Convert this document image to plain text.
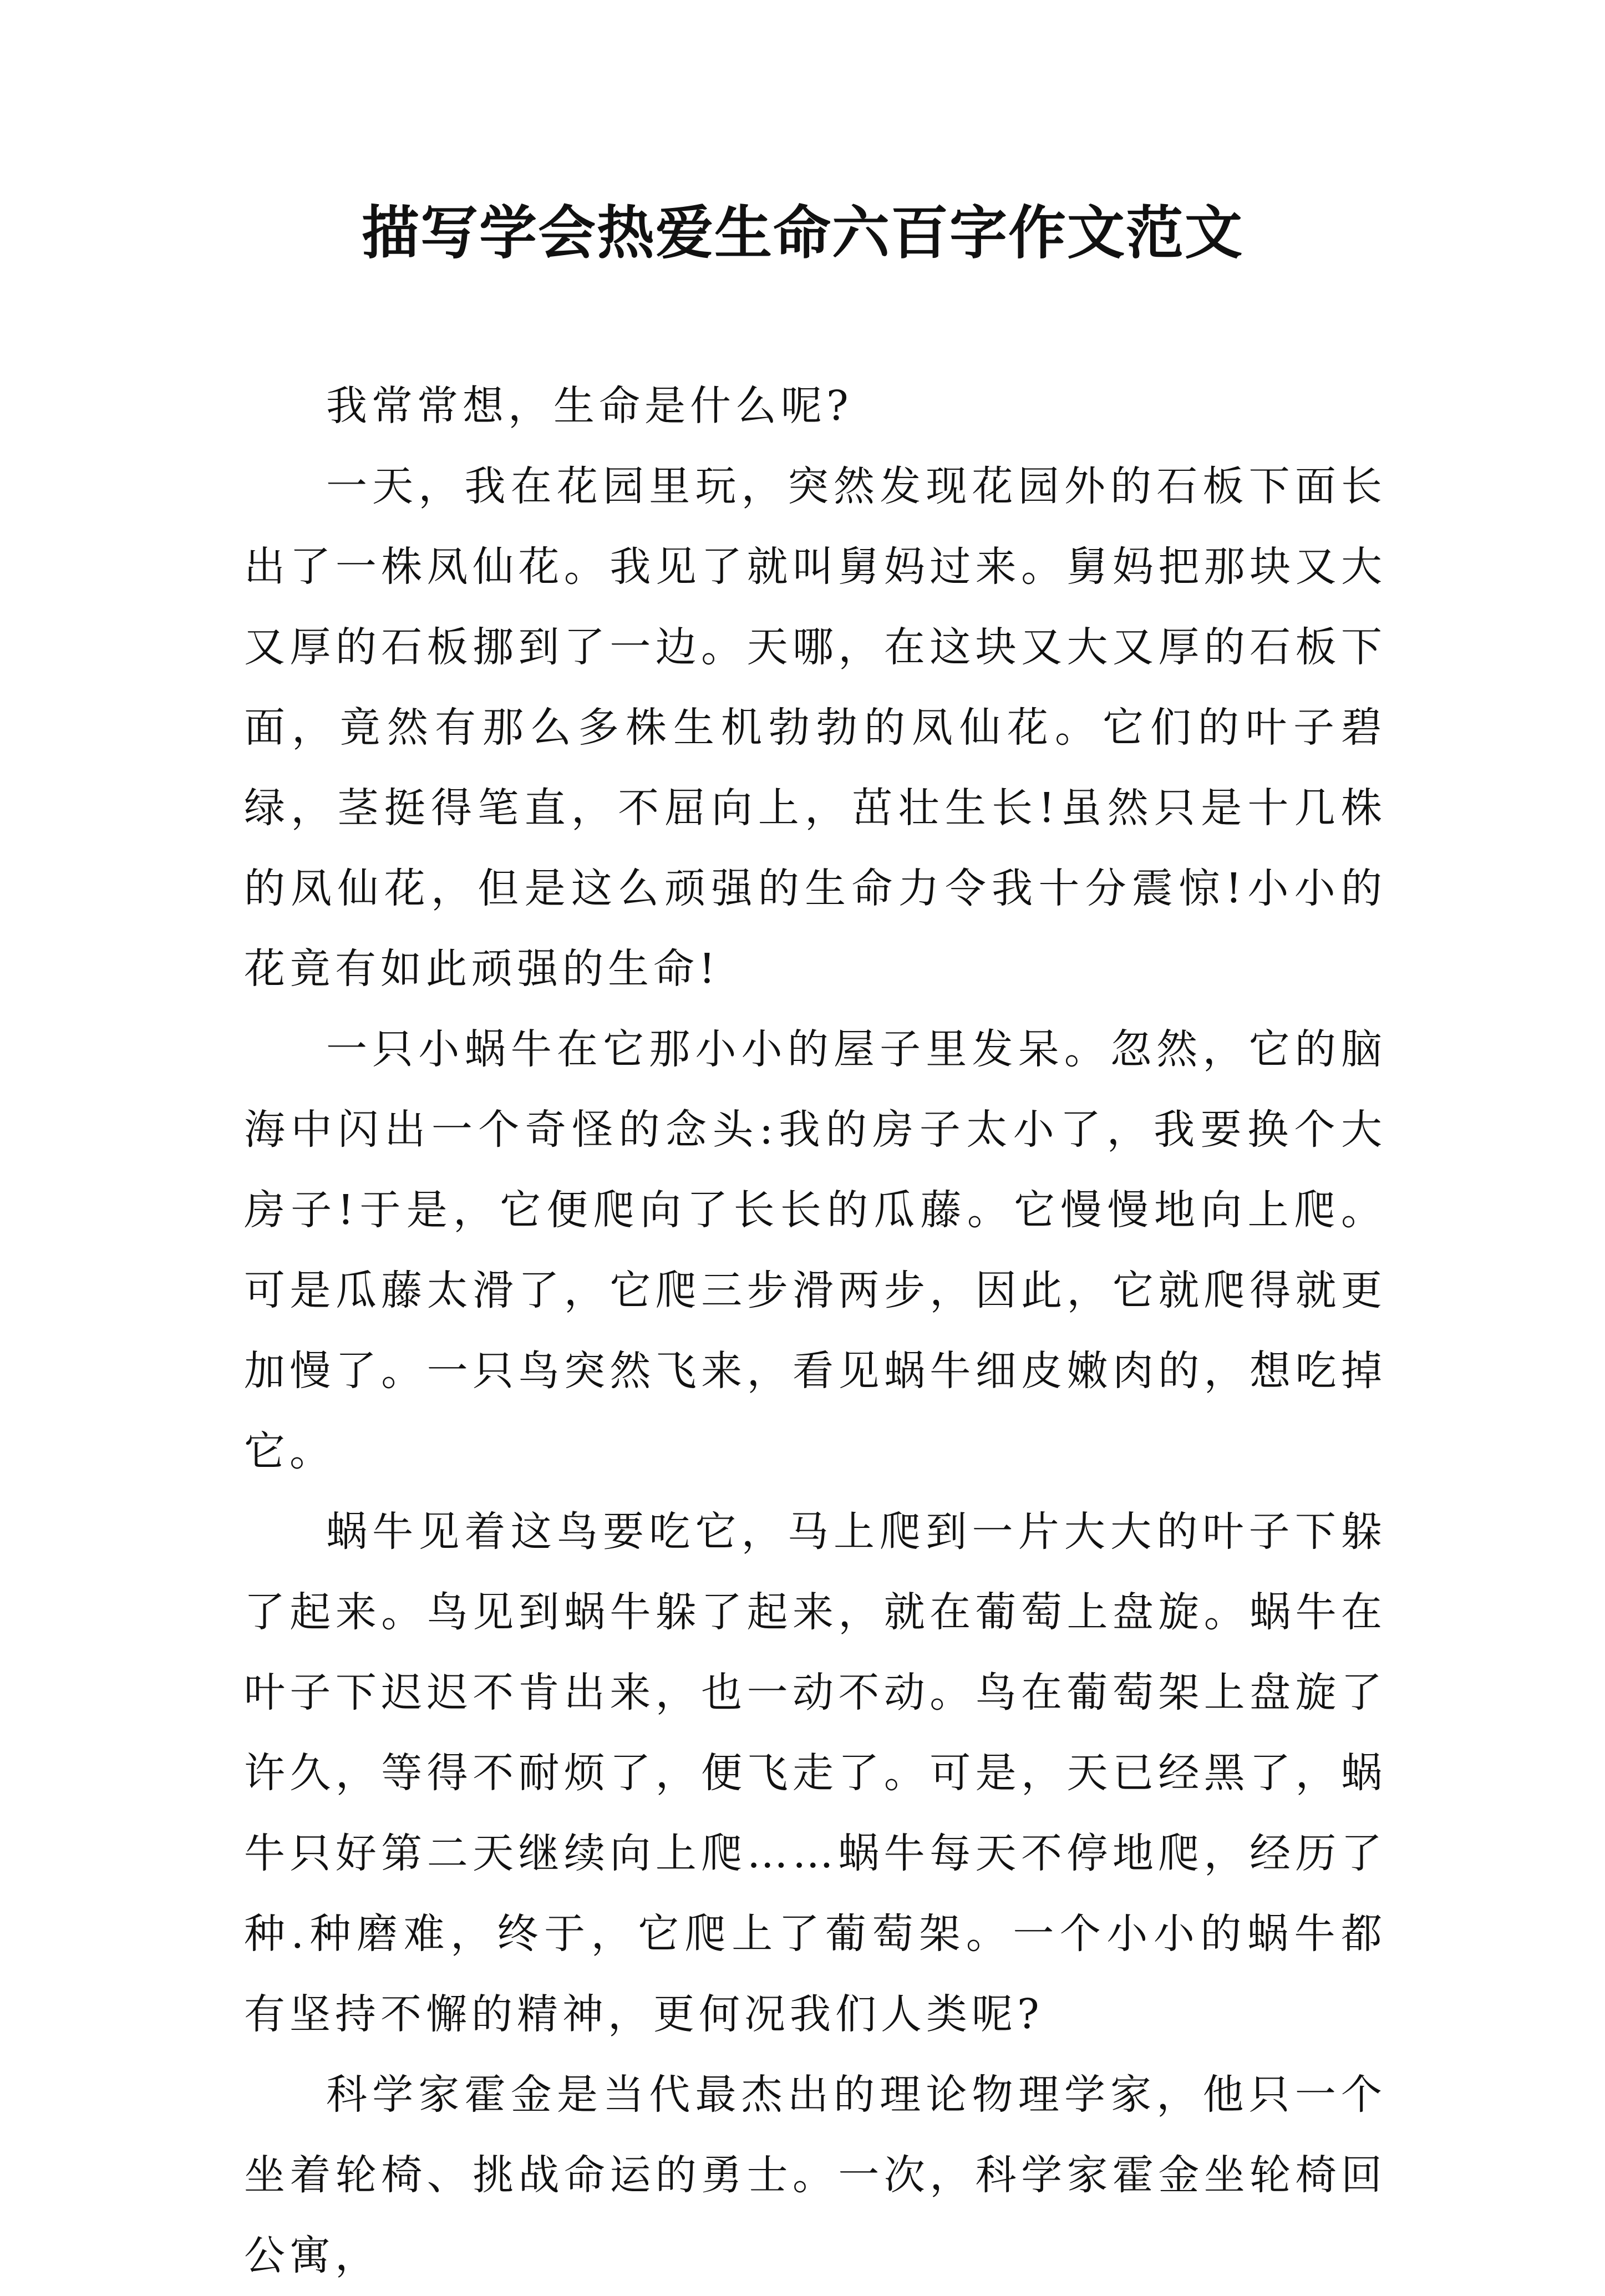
描写学会热爱生命六百字作文范文

我常常想，生命是什么呢?

一天，我在花园里玩，突然发现花园外的石板下面长出了一株凤仙花。我见了就叫舅妈过来。舅妈把那块又大又厚的石板挪到了一边。天哪，在这块又大又厚的石板下面，竟然有那么多株生机勃勃的凤仙花。它们的叶子碧绿，茎挺得笔直，不屈向上，茁壮生长!虽然只是十几株的凤仙花，但是这么顽强的生命力令我十分震惊!小小的花竟有如此顽强的生命!

一只小蜗牛在它那小小的屋子里发呆。忽然，它的脑海中闪出一个奇怪的念头:我的房子太小了，我要换个大房子!于是，它便爬向了长长的瓜藤。它慢慢地向上爬。可是瓜藤太滑了，它爬三步滑两步，因此，它就爬得就更加慢了。一只鸟突然飞来，看见蜗牛细皮嫩肉的，想吃掉它。

蜗牛见着这鸟要吃它，马上爬到一片大大的叶子下躲了起来。鸟见到蜗牛躲了起来，就在葡萄上盘旋。蜗牛在叶子下迟迟不肯出来，也一动不动。鸟在葡萄架上盘旋了许久，等得不耐烦了，便飞走了。可是，天已经黑了，蜗牛只好第二天继续向上爬……蜗牛每天不停地爬，经历了种.种磨难，终于，它爬上了葡萄架。一个小小的蜗牛都有坚持不懈的精神，更何况我们人类呢?

科学家霍金是当代最杰出的理论物理学家，他只一个坐着轮椅、挑战命运的勇士。一次，科学家霍金坐轮椅回公寓，
